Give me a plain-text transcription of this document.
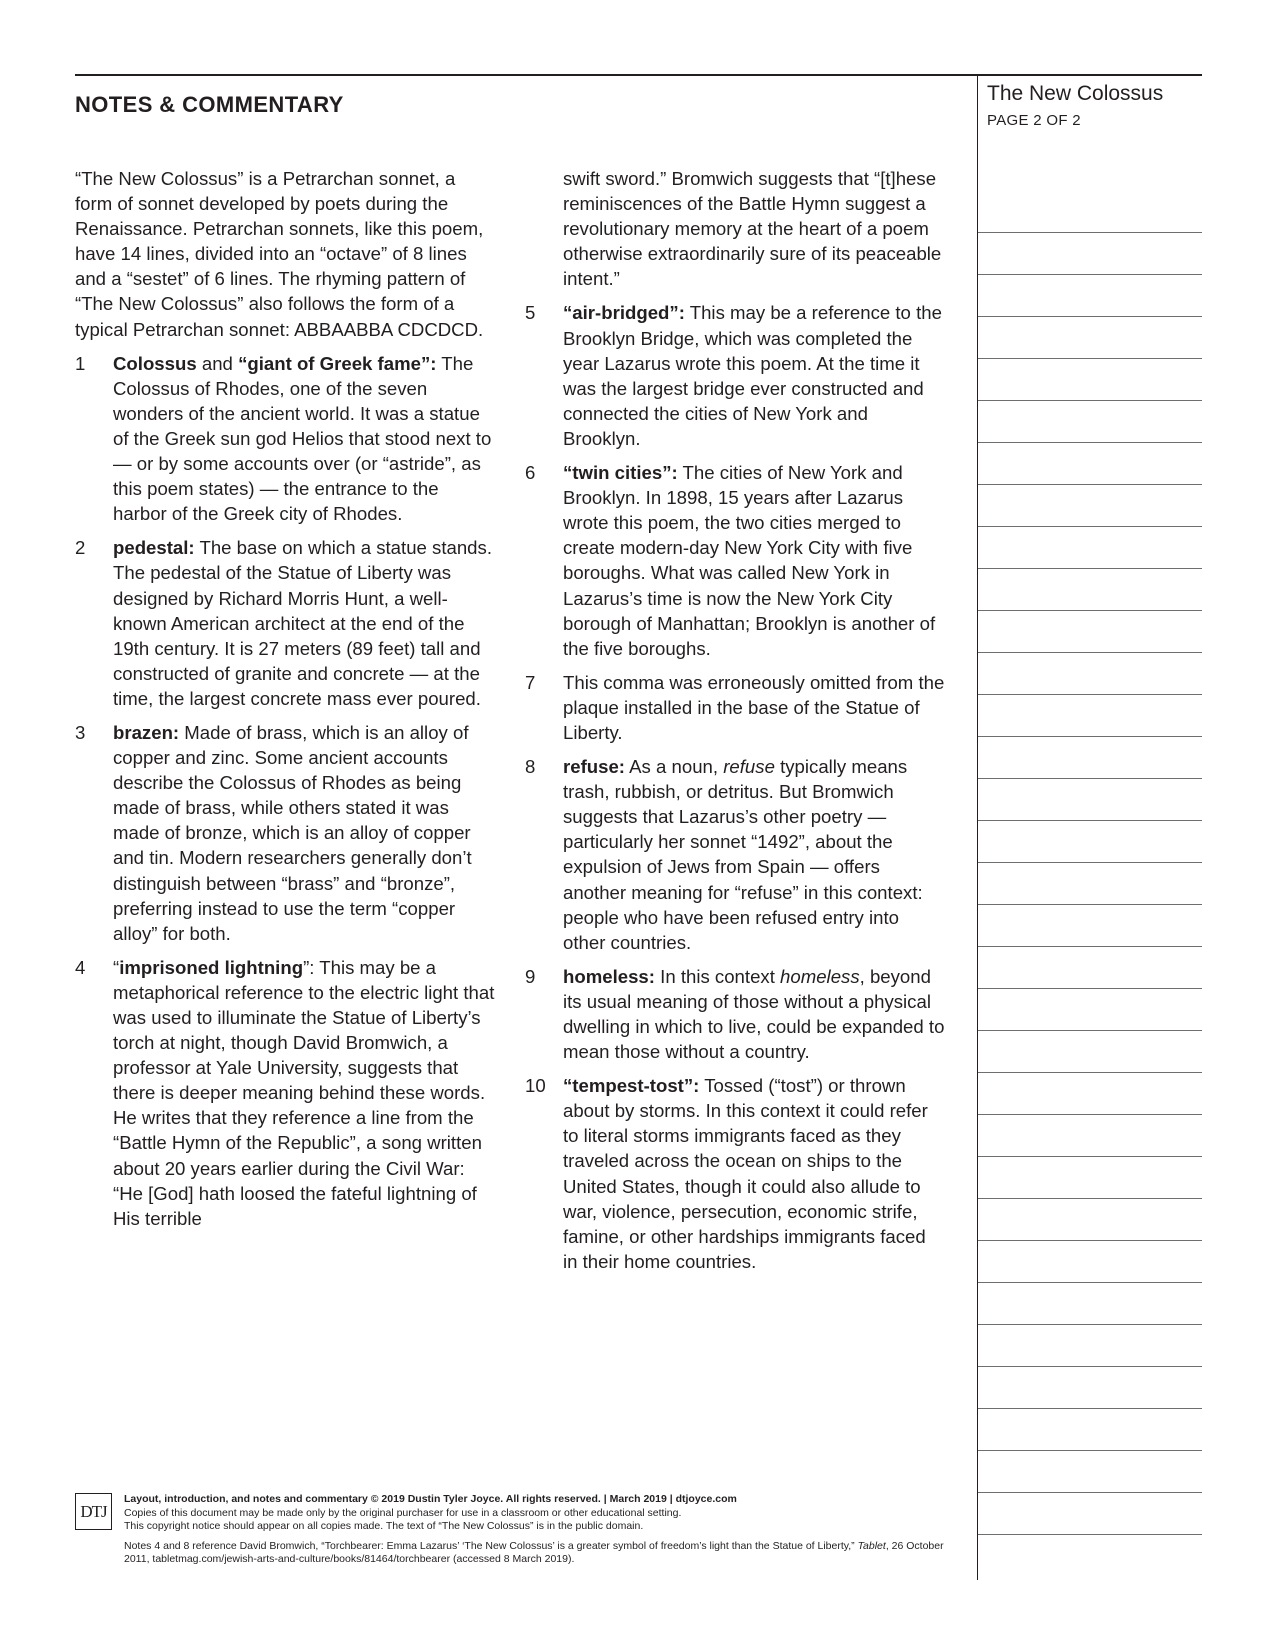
NOTES & COMMENTARY	The New Colossus
PAGE 2 OF 2

“The New Colossus” is a Petrarchan sonnet, a form of sonnet developed by poets during the Renaissance. Petrarchan sonnets, like this poem, have 14 lines, divided into an “octave” of 8 lines and a “sestet” of 6 lines. The rhyming pattern of “The New Colossus” also follows the form of a typical Petrarchan sonnet: ABBAABBA CDCDCD.

1 Colossus and “giant of Greek fame”: The Colossus of Rhodes, one of the seven wonders of the ancient world. It was a statue of the Greek sun god Helios that stood next to — or by some accounts over (or “astride”, as this poem states) — the entrance to the harbor of the Greek city of Rhodes.
2 pedestal: The base on which a statue stands. The pedestal of the Statue of Liberty was designed by Richard Morris Hunt, a well-known American architect at the end of the 19th century. It is 27 meters (89 feet) tall and constructed of granite and concrete — at the time, the largest concrete mass ever poured.
3 brazen: Made of brass, which is an alloy of copper and zinc. Some ancient accounts describe the Colossus of Rhodes as being made of brass, while others stated it was made of bronze, which is an alloy of copper and tin. Modern researchers generally don’t distinguish between “brass” and “bronze”, preferring instead to use the term “copper alloy” for both.
4 “imprisoned lightning”: This may be a metaphorical reference to the electric light that was used to illuminate the Statue of Liberty’s torch at night, though David Bromwich, a professor at Yale University, suggests that there is deeper meaning behind these words. He writes that they reference a line from the “Battle Hymn of the Republic”, a song written about 20 years earlier during the Civil War: “He [God] hath loosed the fateful lightning of His terrible
swift sword.” Bromwich suggests that “[t]hese reminiscences of the Battle Hymn suggest a revolutionary memory at the heart of a poem otherwise extraordinarily sure of its peaceable intent.”
5 “air-bridged”: This may be a reference to the Brooklyn Bridge, which was completed the year Lazarus wrote this poem. At the time it was the largest bridge ever constructed and connected the cities of New York and Brooklyn.
6 “twin cities”: The cities of New York and Brooklyn. In 1898, 15 years after Lazarus wrote this poem, the two cities merged to create modern-day New York City with five boroughs. What was called New York in Lazarus’s time is now the New York City borough of Manhattan; Brooklyn is another of the five boroughs.
7 This comma was erroneously omitted from the plaque installed in the base of the Statue of Liberty.
8 refuse: As a noun, refuse typically means trash, rubbish, or detritus. But Bromwich suggests that Lazarus’s other poetry — particularly her sonnet “1492”, about the expulsion of Jews from Spain — offers another meaning for “refuse” in this context: people who have been refused entry into other countries.
9 homeless: In this context homeless, beyond its usual meaning of those without a physical dwelling in which to live, could be expanded to mean those without a country.
10 “tempest-tost”: Tossed (“tost”) or thrown about by storms. In this context it could refer to literal storms immigrants faced as they traveled across the ocean on ships to the United States, though it could also allude to war, violence, persecution, economic strife, famine, or other hardships immigrants faced in their home countries.
DTJ
Layout, introduction, and notes and commentary © 2019 Dustin Tyler Joyce. All rights reserved. | March 2019 | dtjoyce.com
Copies of this document may be made only by the original purchaser for use in a classroom or other educational setting.
This copyright notice should appear on all copies made. The text of “The New Colossus” is in the public domain.
Notes 4 and 8 reference David Bromwich, “Torchbearer: Emma Lazarus’ ‘The New Colossus’ is a greater symbol of freedom’s light than the Statue of Liberty,” Tablet, 26 October 2011, tabletmag.com/jewish-arts-and-culture/books/81464/torchbearer (accessed 8 March 2019).
